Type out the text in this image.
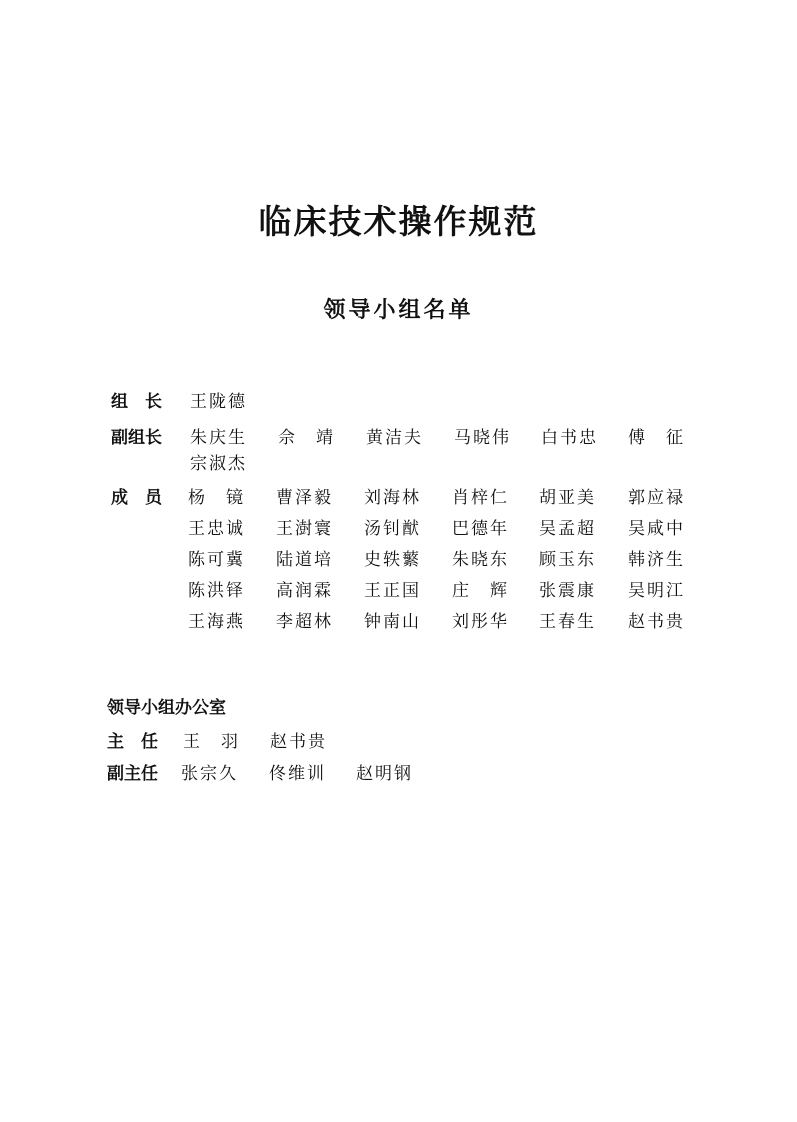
临床技术操作规范
领导小组名单
组　长 王陇德
副组长 朱庆生 佘　靖 黄洁夫 马晓伟 白书忠 傅　征
宗淑杰
成　员 杨　镜 曹泽毅 刘海林 肖梓仁 胡亚美 郭应禄
王忠诚 王澍寰 汤钊猷 巴德年 吴孟超 吴咸中
陈可冀 陆道培 史轶蘩 朱晓东 顾玉东 韩济生
陈洪铎 高润霖 王正国 庄　辉 张震康 吴明江
王海燕 李超林 钟南山 刘彤华 王春生 赵书贵
领导小组办公室
主　任 王　羽 赵书贵
副主任 张宗久 佟维训 赵明钢
